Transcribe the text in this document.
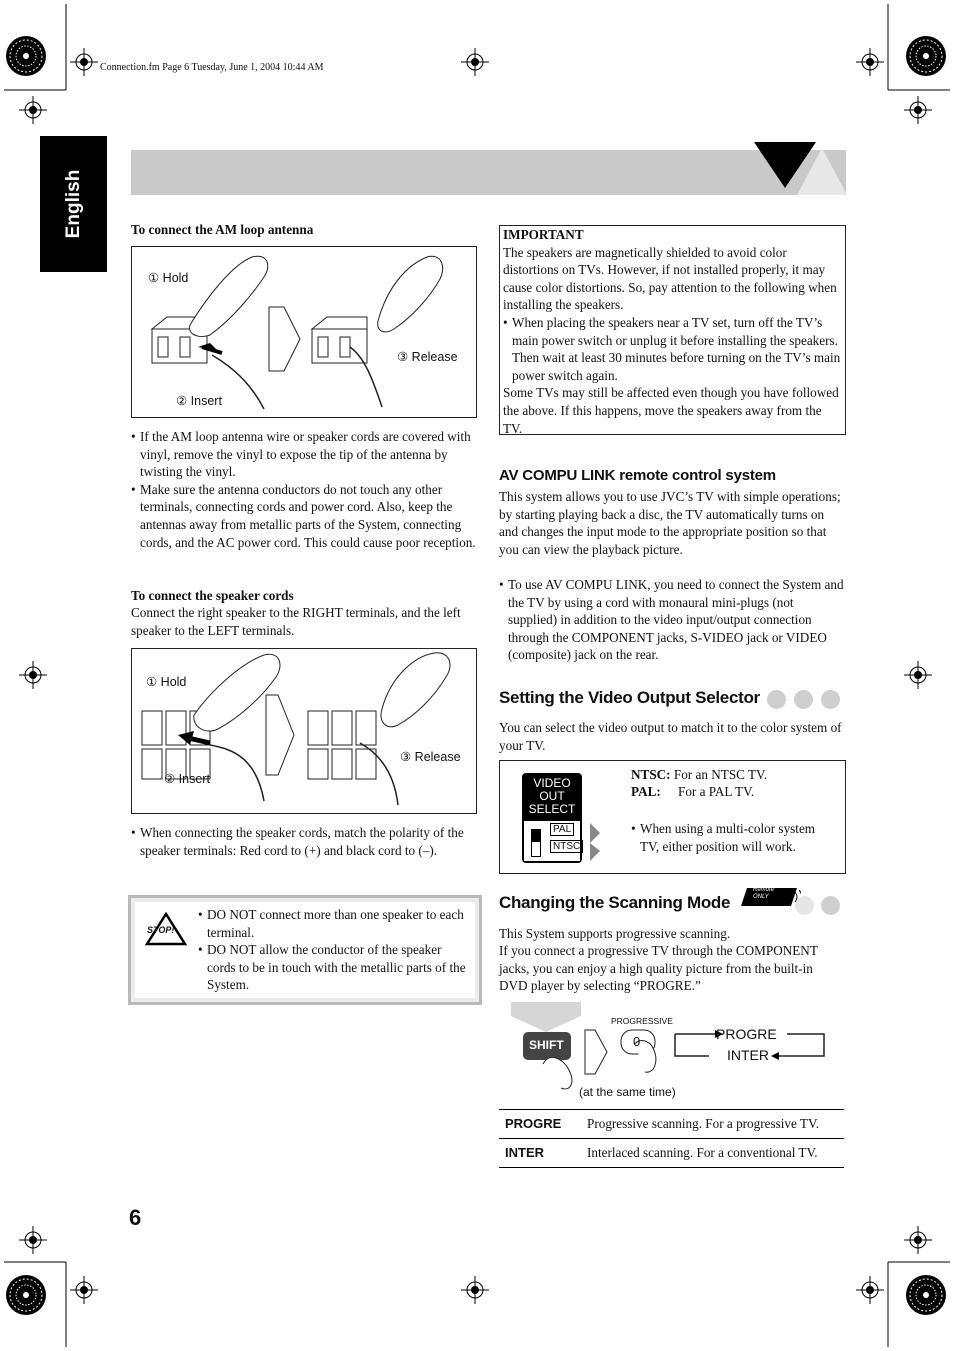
Connection.fm Page 6 Tuesday, June 1, 2004 10:44 AM
English	To connect the AM loop antenna
① Hold
② Insert
③ Release
• If the AM loop antenna wire or speaker cords are covered with vinyl, remove the vinyl to expose the tip of the antenna by twisting the vinyl.
• Make sure the antenna conductors do not touch any other terminals, connecting cords and power cord. Also, keep the antennas away from metallic parts of the System, connecting cords, and the AC power cord. This could cause poor reception.
To connect the speaker cords
Connect the right speaker to the RIGHT terminals, and the left speaker to the LEFT terminals.
① Hold
② Insert
③ Release
• When connecting the speaker cords, match the polarity of the speaker terminals: Red cord to (+) and black cord to (–).
STOP!
• DO NOT connect more than one speaker to each terminal.
• DO NOT allow the conductor of the speaker cords to be in touch with the metallic parts of the System.
IMPORTANT
The speakers are magnetically shielded to avoid color distortions on TVs. However, if not installed properly, it may cause color distortions. So, pay attention to the following when installing the speakers.
• When placing the speakers near a TV set, turn off the TV’s main power switch or unplug it before installing the speakers. Then wait at least 30 minutes before turning on the TV’s main power switch again.
Some TVs may still be affected even though you have followed the above. If this happens, move the speakers away from the TV.
AV COMPU LINK remote control system
This system allows you to use JVC’s TV with simple operations; by starting playing back a disc, the TV automatically turns on and changes the input mode to the appropriate position so that you can view the playback picture.
• To use AV COMPU LINK, you need to connect the System and the TV by using a cord with monaural mini-plugs (not supplied) in addition to the video input/output connection through the COMPONENT jacks, S-VIDEO jack or VIDEO (composite) jack on the rear.
Setting the Video Output Selector
You can select the video output to match it to the color system of your TV.
VIDEO
OUT
SELECT
PAL
NTSC
NTSC: For an NTSC TV.
PAL: For a PAL TV.
• When using a multi-color system TV, either position will work.
Changing the Scanning Mode
Remote
ONLY
This System supports progressive scanning.
If you connect a progressive TV through the COMPONENT jacks, you can enjoy a high quality picture from the built-in DVD player by selecting “PROGRE.”
SHIFT
PROGRESSIVE
0	PROGRE
INTER
(at the same time)
PROGRE	Progressive scanning. For a progressive TV.
INTER	Interlaced scanning. For a conventional TV.
6
